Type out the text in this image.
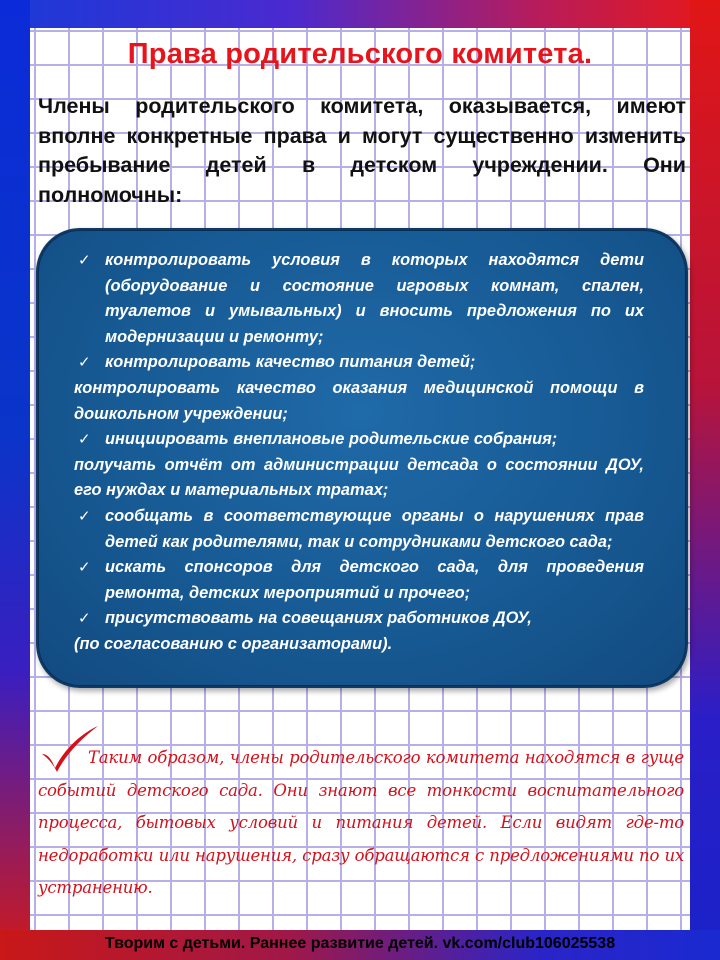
Права родительского комитета.

Члены родительского комитета, оказывается, имеют вполне конкретные права и могут существенно изменить пребывание детей в детском учреждении. Они полномочны:

✓ контролировать условия в которых находятся дети (оборудование и состояние игровых комнат, спален, туалетов и умывальных) и вносить предложения по их модернизации и ремонту;
✓ контролировать качество питания детей;
контролировать качество оказания медицинской помощи в дошкольном учреждении;
✓ инициировать внеплановые родительские собрания;
получать отчёт от администрации детсада о состоянии ДОУ, его нуждах и материальных тратах;
✓ сообщать в соответствующие органы о нарушениях прав детей как родителями, так и сотрудниками детского сада;
✓ искать спонсоров для детского сада, для проведения ремонта, детских мероприятий и прочего;
✓ присутствовать на совещаниях работников ДОУ,
(по согласованию с организаторами).

Таким образом, члены родительского комитета находятся в гуще событий детского сада. Они знают все тонкости воспитательного процесса, бытовых условий и питания детей. Если видят где-то недоработки или нарушения, сразу обращаются с предложениями по их устранению.

Творим с детьми. Раннее развитие детей. vk.com/club106025538
